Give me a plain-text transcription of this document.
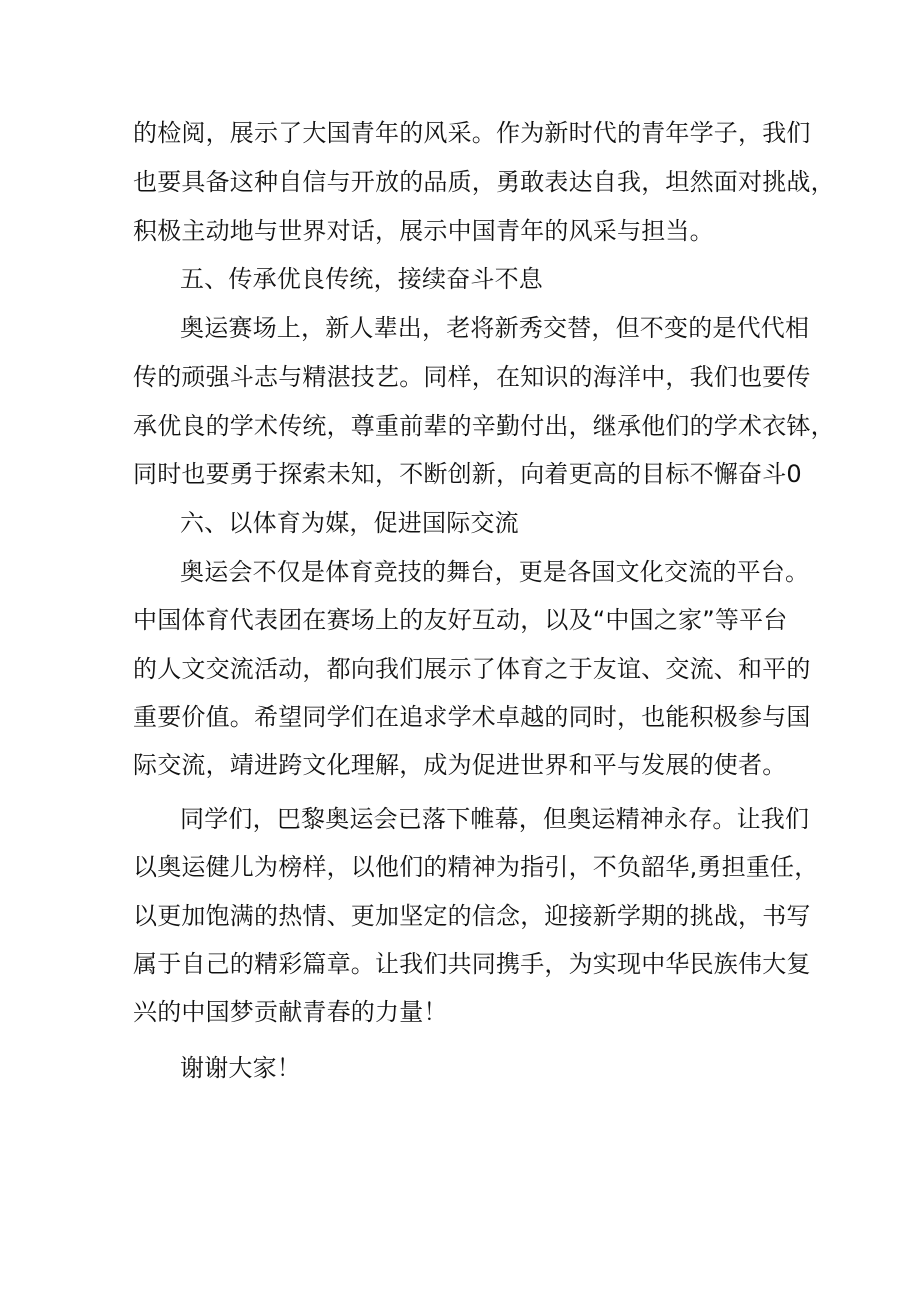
的检阅，展示了大国青年的风采。作为新时代的青年学子，我们
也要具备这种自信与开放的品质，勇敢表达自我，坦然面对挑战，
积极主动地与世界对话，展示中国青年的风采与担当。
五、传承优良传统，接续奋斗不息
奥运赛场上，新人辈出，老将新秀交替，但不变的是代代相
传的顽强斗志与精湛技艺。同样，在知识的海洋中，我们也要传
承优良的学术传统，尊重前辈的辛勤付出，继承他们的学术衣钵，
同时也要勇于探索未知，不断创新，向着更高的目标不懈奋斗0
六、以体育为媒，促进国际交流
奥运会不仅是体育竞技的舞台，更是各国文化交流的平台。
中国体育代表团在赛场上的友好互动，以及“中国之家”等平台
的人文交流活动，都向我们展示了体育之于友谊、交流、和平的
重要价值。希望同学们在追求学术卓越的同时，也能积极参与国
际交流，靖进跨文化理解，成为促进世界和平与发展的使者。
同学们，巴黎奥运会已落下帷幕，但奥运精神永存。让我们
以奥运健儿为榜样，以他们的精神为指引，不负韶华,勇担重任，
以更加饱满的热情、更加坚定的信念，迎接新学期的挑战，书写
属于自己的精彩篇章。让我们共同携手，为实现中华民族伟大复
兴的中国梦贡献青春的力量！
谢谢大家！
